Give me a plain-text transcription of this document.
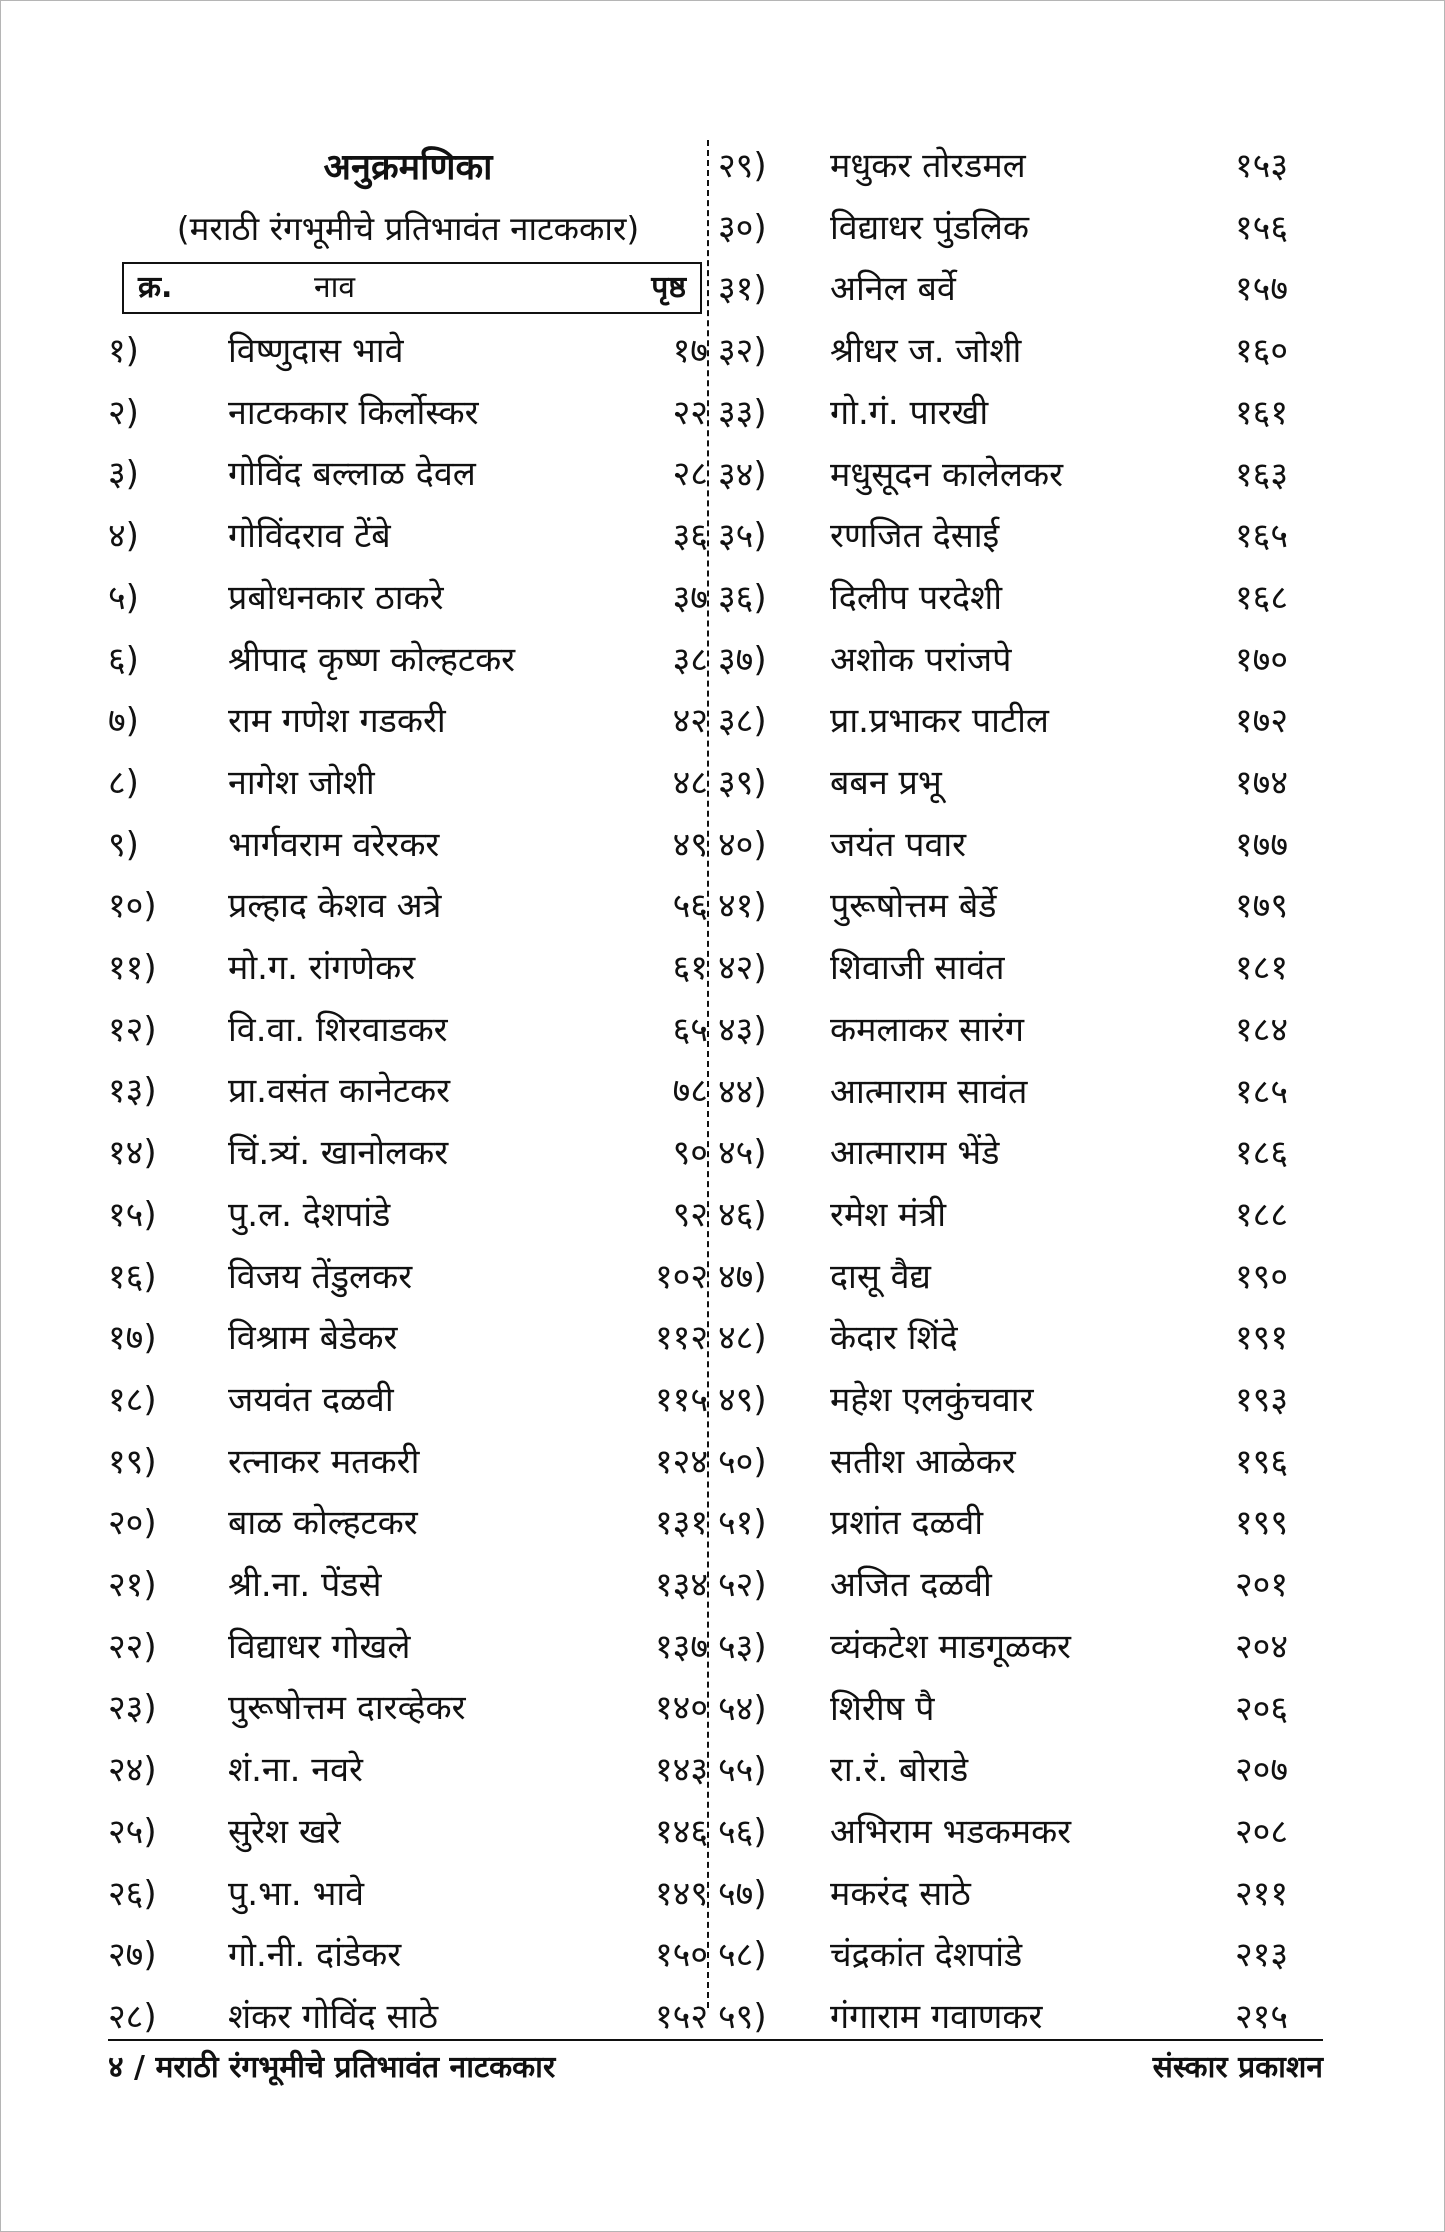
अनुक्रमणिका
(मराठी रंगभूमीचे प्रतिभावंत नाटककार)
क्र.	नाव	पृष्ठ
१)	विष्णुदास भावे	१७
२)	नाटककार किर्लोस्कर	२२
३)	गोविंद बल्लाळ देवल	२८
४)	गोविंदराव टेंबे	३६
५)	प्रबोधनकार ठाकरे	३७
६)	श्रीपाद कृष्ण कोल्हटकर	३८
७)	राम गणेश गडकरी	४२
८)	नागेश जोशी	४८
९)	भार्गवराम वरेरकर	४९
१०) प्रल्हाद केशव अत्रे	५६
११) मो.ग. रांगणेकर	६१
१२) वि.वा. शिरवाडकर	६५
१३) प्रा.वसंत कानेटकर	७८
१४) चिं.त्र्यं. खानोलकर	९०
१५) पु.ल. देशपांडे	९२
१६) विजय तेंडुलकर	१०२
१७) विश्राम बेडेकर	११२
१८) जयवंत दळवी	११५
१९) रत्नाकर मतकरी	१२४
२०) बाळ कोल्हटकर	१३१
२१) श्री.ना. पेंडसे	१३४
२२) विद्याधर गोखले	१३७
२३) पुरूषोत्तम दारव्हेकर	१४०
२४) शं.ना. नवरे	१४३
२५) सुरेश खरे	१४६
२६) पु.भा. भावे	१४९
२७) गो.नी. दांडेकर	१५०
२८) शंकर गोविंद साठे	१५२
२९) मधुकर तोरडमल	१५३
३०) विद्याधर पुंडलिक	१५६
३१) अनिल बर्वे	१५७
३२) श्रीधर ज. जोशी	१६०
३३) गो.गं. पारखी	१६१
३४) मधुसूदन कालेलकर	१६३
३५) रणजित देसाई	१६५
३६) दिलीप परदेशी	१६८
३७) अशोक परांजपे	१७०
३८) प्रा.प्रभाकर पाटील	१७२
३९) बबन प्रभू	१७४
४०) जयंत पवार	१७७
४१) पुरूषोत्तम बेर्डे	१७९
४२) शिवाजी सावंत	१८१
४३) कमलाकर सारंग	१८४
४४) आत्माराम सावंत	१८५
४५) आत्माराम भेंडे	१८६
४६) रमेश मंत्री	१८८
४७) दासू वैद्य	१९०
४८) केदार शिंदे	१९१
४९) महेश एलकुंचवार	१९३
५०) सतीश आळेकर	१९६
५१) प्रशांत दळवी	१९९
५२) अजित दळवी	२०१
५३) व्यंकटेश माडगूळकर	२०४
५४) शिरीष पै	२०६
५५) रा.रं. बोराडे	२०७
५६) अभिराम भडकमकर	२०८
५७) मकरंद साठे	२११
५८) चंद्रकांत देशपांडे	२१३
५९) गंगाराम गवाणकर	२१५
४ / मराठी रंगभूमीचे प्रतिभावंत नाटककार	संस्कार प्रकाशन
